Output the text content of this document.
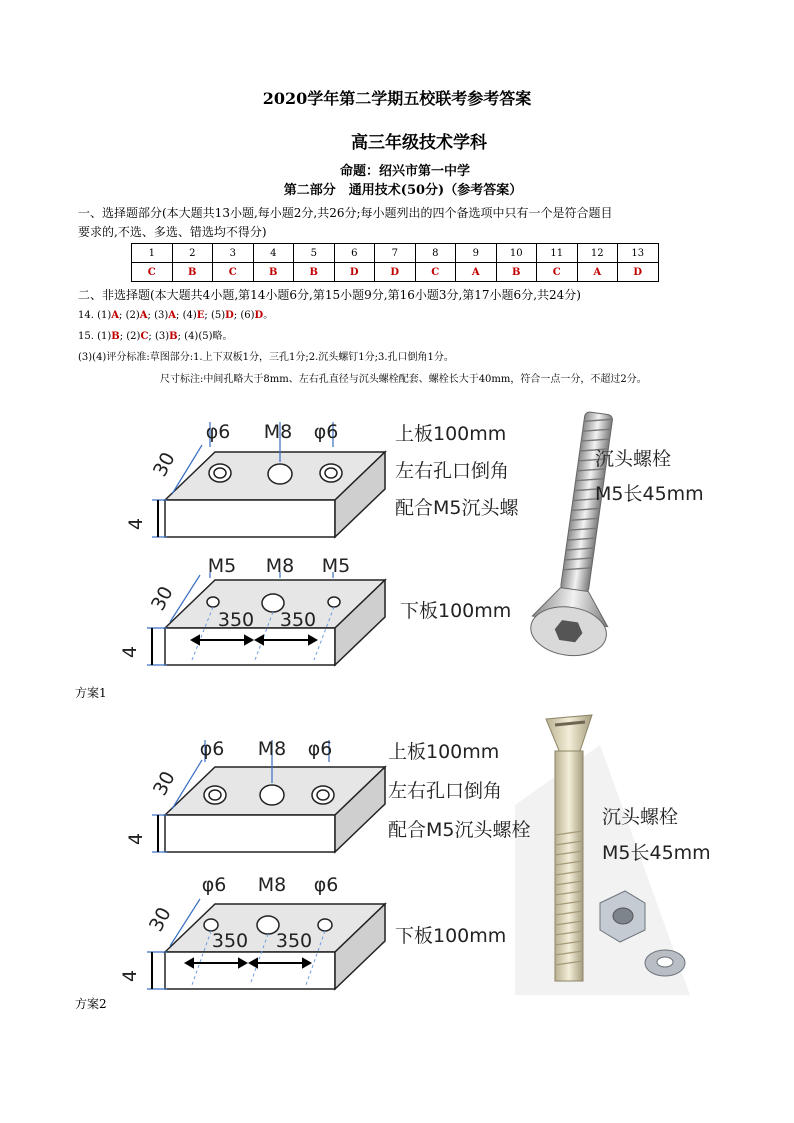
2020学年第二学期五校联考参考答案
高三年级技术学科
命题：绍兴市第一中学
第二部分　通用技术(50分)（参考答案）
一、选择题部分(本大题共13小题,每小题2分,共26分;每小题列出的四个备选项中只有一个是符合题目
要求的,不选、多选、错选均不得分)
1	2	3	4	5	6	7	8	9	10	11	12	13
C	B	C	B	B	D	D	C	A	B	C	A	D
二、非选择题(本大题共4小题,第14小题6分,第15小题9分,第16小题3分,第17小题6分,共24分)
14. (1)A; (2)A; (3)A; (4)E; (5)D; (6)D。
15. (1)B; (2)C; (3)B; (4)(5)略。
(3)(4)评分标准:草图部分:1.上下双板1分，三孔1分;2.沉头螺钉1分;3.孔口倒角1分。
尺寸标注:中间孔略大于8mm、左右孔直径与沉头螺栓配套、螺栓长大于40mm，符合一点一分，不超过2分。
φ6 M8 φ6
30
4
M5 M8 M5
30
4
350 350
上板100mm
左右孔口倒角
配合M5沉头螺
下板100mm
沉头螺栓
M5长45mm
方案1
φ6 M8 φ6
30
4
φ6 M8 φ6
30
4
350 350
上板100mm
左右孔口倒角
配合M5沉头螺栓
下板100mm
沉头螺栓
M5长45mm
方案2
